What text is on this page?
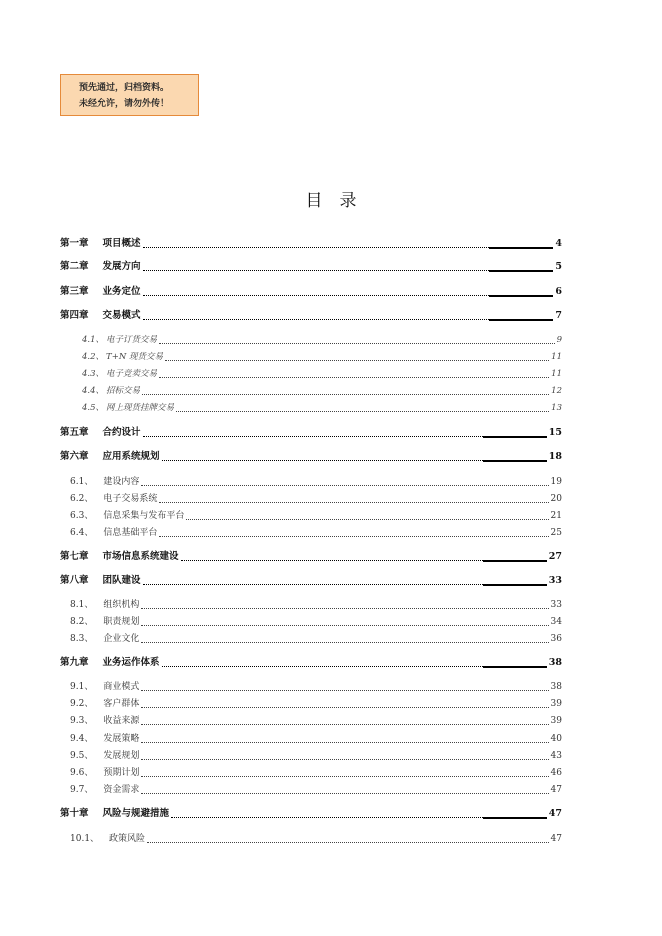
预先通过，归档资料。
未经允许，请勿外传！
目录
第一章 项目概述	4
第二章 发展方向	5
第三章 业务定位	6
第四章 交易模式	7
4.1、 电子订货交易	9
4.2、 T+N 现货交易	11
4.3、 电子竞卖交易	11
4.4、 招标交易	12
4.5、 网上现货挂牌交易	13
第五章 合约设计	15
第六章 应用系统规划	18
6.1、 建设内容	19
6.2、 电子交易系统	20
6.3、 信息采集与发布平台	21
6.4、 信息基础平台	25
第七章 市场信息系统建设	27
第八章 团队建设	33
8.1、 组织机构	33
8.2、 职责规划	34
8.3、 企业文化	36
第九章 业务运作体系	38
9.1、 商业模式	38
9.2、 客户群体	39
9.3、 收益来源	39
9.4、 发展策略	40
9.5、 发展规划	43
9.6、 预期计划	46
9.7、 资金需求	47
第十章 风险与规避措施	47
10.1、 政策风险	47
